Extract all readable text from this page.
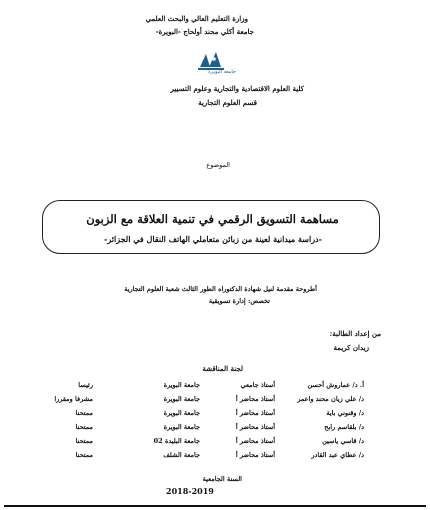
وزارة التعليم العالي والبحث العلمي
جامعة أكلي محند أولحاج -البويرة-
جامعة البويرة
كلية العلوم الاقتصادية والتجارية وعلوم التسيير
قسم العلوم التجارية
الموضوع
مساهمة التسويق الرقمي في تنمية العلاقة مع الزبون
-دراسة ميدانية لعينة من زبائن متعاملي الهاتف النقال في الجزائر-
أطروحة مقدمة لنيل شهادة الدكتوراه الطور الثالث شعبة العلوم التجارية
تخصص: إدارة تسويقية
من إعداد الطالبة:
زيدان كريمة
لجنة المناقشة
أ. د/ عماروش أحسن
أستاذ جامعي
جامعة البويرة
رئيسا
د/ علي زيان محند واعمر
أستاذ محاضر أ
جامعة البويرة
مشرفا ومقررا
د/ وقنوني باية
أستاذ محاضر أ
جامعة البويرة
ممتحنا
د/ بلقاسم رابح
أستاذ محاضر أ
جامعة البويرة
ممتحنا
د/ قاسي ياسين
أستاذ محاضر أ
جامعة البليدة 02
ممتحنا
د/ عطاي عبد القادر
أستاذ محاضر أ
جامعة الشلف
ممتحنا
السنة الجامعية
2018-2019
